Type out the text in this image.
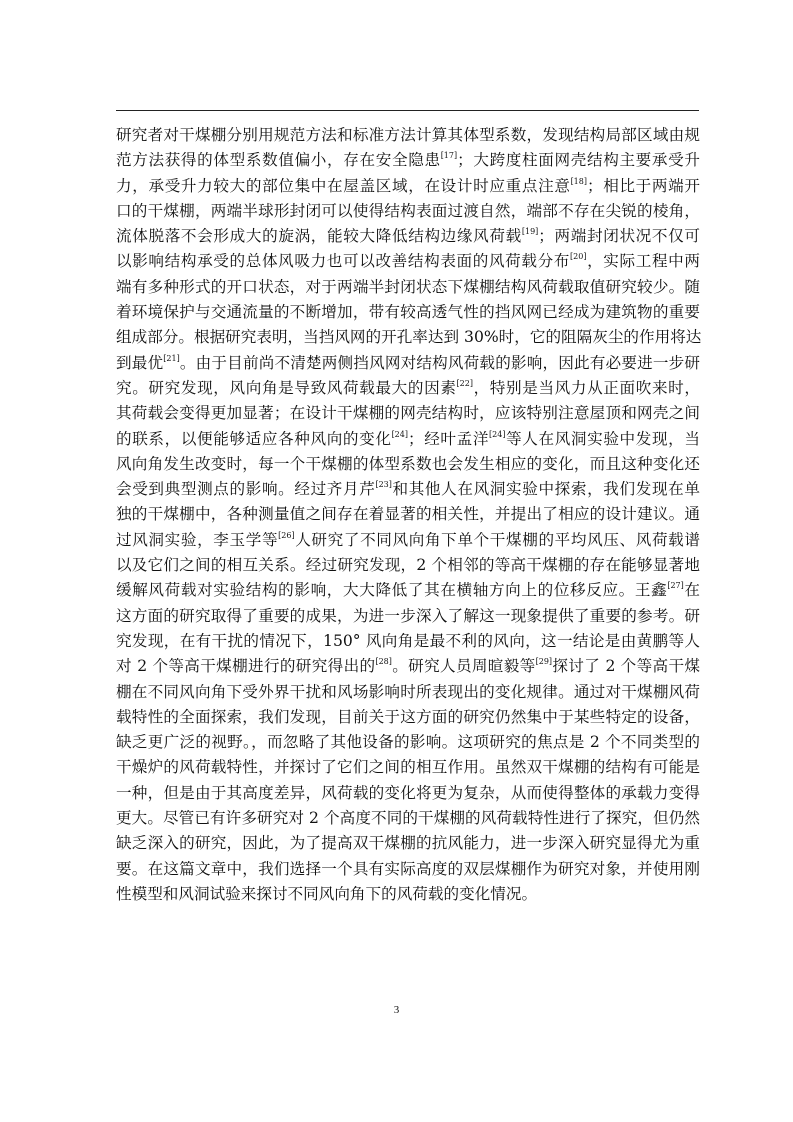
研究者对干煤棚分别用规范方法和标准方法计算其体型系数，发现结构局部区域由规
范方法获得的体型系数值偏小，存在安全隐患[17]；大跨度柱面网壳结构主要承受升
力，承受升力较大的部位集中在屋盖区域，在设计时应重点注意[18]；相比于两端开
口的干煤棚，两端半球形封闭可以使得结构表面过渡自然，端部不存在尖锐的棱角，
流体脱落不会形成大的旋涡，能较大降低结构边缘风荷载[19]；两端封闭状况不仅可
以影响结构承受的总体风吸力也可以改善结构表面的风荷载分布[20]，实际工程中两
端有多种形式的开口状态，对于两端半封闭状态下煤棚结构风荷载取值研究较少。随
着环境保护与交通流量的不断增加，带有较高透气性的挡风网已经成为建筑物的重要
组成部分。根据研究表明，当挡风网的开孔率达到 30%时，它的阻隔灰尘的作用将达
到最优[21]。由于目前尚不清楚两侧挡风网对结构风荷载的影响，因此有必要进一步研
究。研究发现，风向角是导致风荷载最大的因素[22]，特别是当风力从正面吹来时，
其荷载会变得更加显著；在设计干煤棚的网壳结构时，应该特别注意屋顶和网壳之间
的联系，以便能够适应各种风向的变化[24]；经叶孟洋[24]等人在风洞实验中发现，当
风向角发生改变时，每一个干煤棚的体型系数也会发生相应的变化，而且这种变化还
会受到典型测点的影响。经过齐月芹[23]和其他人在风洞实验中探索，我们发现在单
独的干煤棚中，各种测量值之间存在着显著的相关性，并提出了相应的设计建议。通
过风洞实验，李玉学等[26]人研究了不同风向角下单个干煤棚的平均风压、风荷载谱
以及它们之间的相互关系。经过研究发现，2 个相邻的等高干煤棚的存在能够显著地
缓解风荷载对实验结构的影响，大大降低了其在横轴方向上的位移反应。王鑫[27]在
这方面的研究取得了重要的成果，为进一步深入了解这一现象提供了重要的参考。研
究发现，在有干扰的情况下，150° 风向角是最不利的风向，这一结论是由黄鹏等人
对 2 个等高干煤棚进行的研究得出的[28]。研究人员周暄毅等[29]探讨了 2 个等高干煤
棚在不同风向角下受外界干扰和风场影响时所表现出的变化规律。通过对干煤棚风荷
载特性的全面探索，我们发现，目前关于这方面的研究仍然集中于某些特定的设备，
缺乏更广泛的视野。，而忽略了其他设备的影响。这项研究的焦点是 2 个不同类型的
干燥炉的风荷载特性，并探讨了它们之间的相互作用。虽然双干煤棚的结构有可能是
一种，但是由于其高度差异，风荷载的变化将更为复杂，从而使得整体的承载力变得
更大。尽管已有许多研究对 2 个高度不同的干煤棚的风荷载特性进行了探究，但仍然
缺乏深入的研究，因此，为了提高双干煤棚的抗风能力，进一步深入研究显得尤为重
要。在这篇文章中，我们选择一个具有实际高度的双层煤棚作为研究对象，并使用刚
性模型和风洞试验来探讨不同风向角下的风荷载的变化情况。
3
